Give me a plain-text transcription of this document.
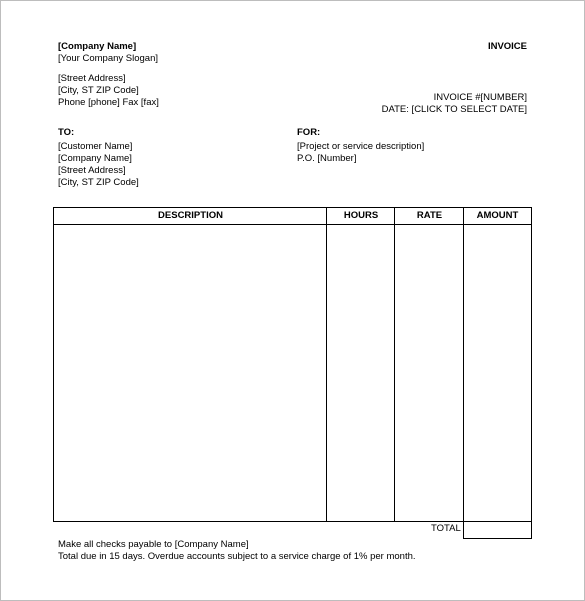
[Company Name]
[Your Company Slogan]
[Street Address]
[City, ST ZIP Code]
Phone [phone] Fax [fax]
INVOICE
INVOICE #[NUMBER]
DATE: [CLICK TO SELECT DATE]
TO:
[Customer Name]
[Company Name]
[Street Address]
[City, ST ZIP Code]
FOR:
[Project or service description]
P.O. [Number]
DESCRIPTION	HOURS	RATE	AMOUNT
TOTAL
Make all checks payable to [Company Name]
Total due in 15 days. Overdue accounts subject to a service charge of 1% per month.
